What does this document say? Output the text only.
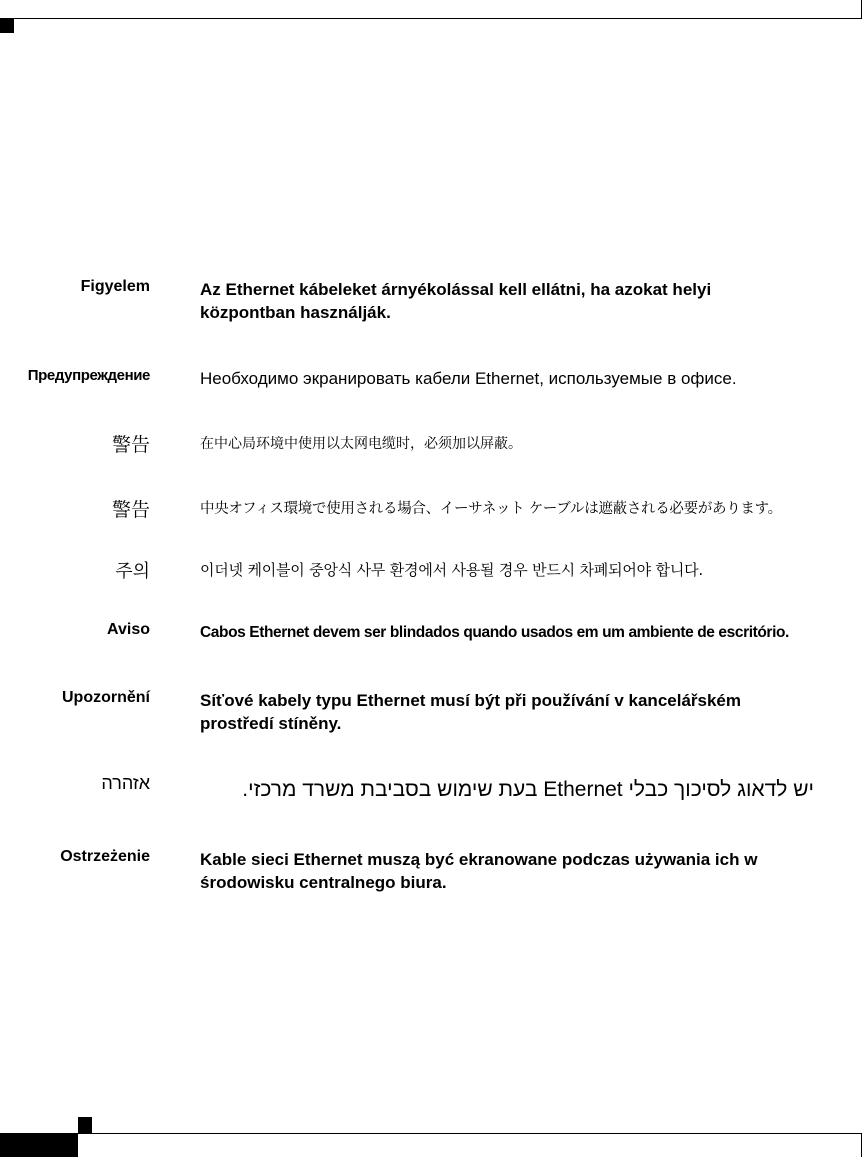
Figyelem	Az Ethernet kábeleket árnyékolással kell ellátni, ha azokat helyi központban használják.
Предупреждение	Необходимо экранировать кабели Ethernet, используемые в офисе.
警告	在中心局环境中使用以太网电缆时，必须加以屏蔽。
警告	中央オフィス環境で使用される場合、イーサネット ケーブルは遮蔽される必要があります。
주의	이더넷 케이블이 중앙식 사무 환경에서 사용될 경우 반드시 차폐되어야 합니다.
Aviso	Cabos Ethernet devem ser blindados quando usados em um ambiente de escritório.
Upozornění	Síťové kabely typu Ethernet musí být při používání v kancelářském prostředí stíněny.
אזהרה	יש לדאוג לסיכוך כבלי Ethernet בעת שימוש בסביבת משרד מרכזי.
Ostrzeżenie	Kable sieci Ethernet muszą być ekranowane podczas używania ich w środowisku centralnego biura.
